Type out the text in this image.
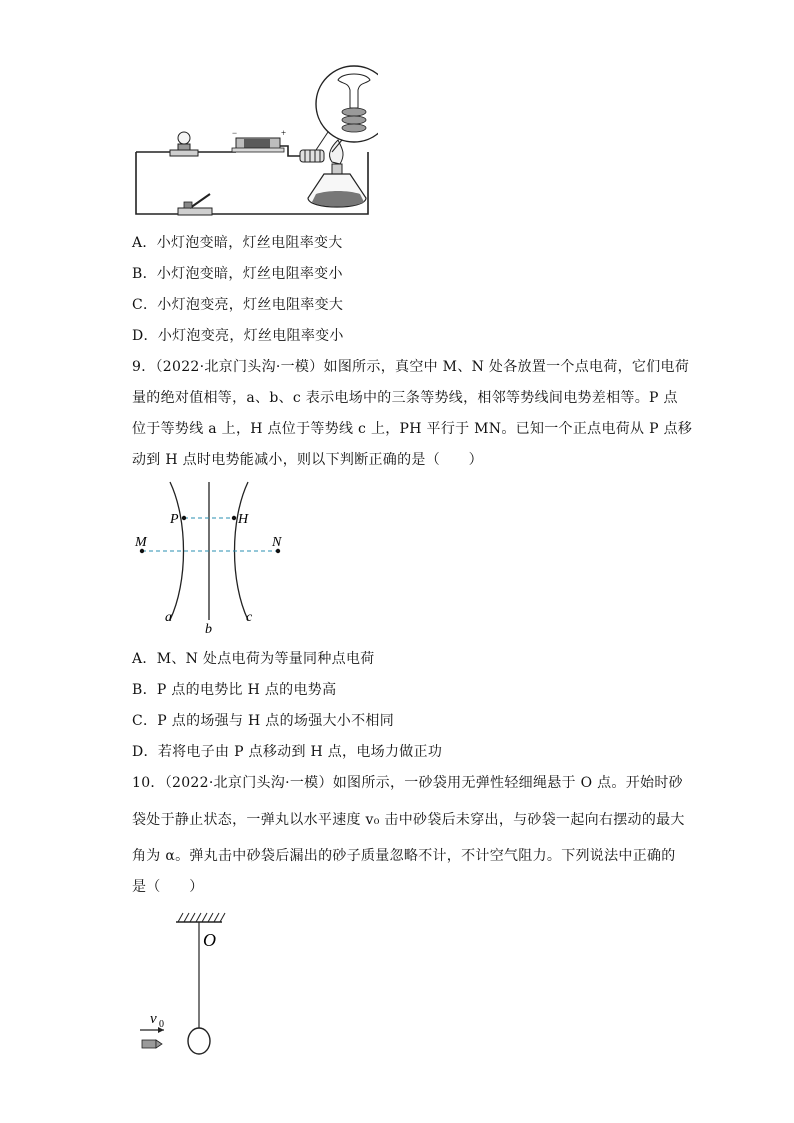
−	+
A．小灯泡变暗，灯丝电阻率变大
B．小灯泡变暗，灯丝电阻率变小
C．小灯泡变亮，灯丝电阻率变大
D．小灯泡变亮，灯丝电阻率变小
9．（2022·北京门头沟·一模）如图所示，真空中 M、N 处各放置一个点电荷，它们电荷
量的绝对值相等，a、b、c 表示电场中的三条等势线，相邻等势线间电势差相等。P 点
位于等势线 a 上，H 点位于等势线 c 上，PH 平行于 MN。已知一个正点电荷从 P 点移
动到 H 点时电势能减小，则以下判断正确的是（　　）
P	H
M	N
a
b
c
A．M、N 处点电荷为等量同种点电荷
B．P 点的电势比 H 点的电势高
C．P 点的场强与 H 点的场强大小不相同
D．若将电子由 P 点移动到 H 点，电场力做正功
10．（2022·北京门头沟·一模）如图所示，一砂袋用无弹性轻细绳悬于 O 点。开始时砂
袋处于静止状态，一弹丸以水平速度 v₀ 击中砂袋后未穿出，与砂袋一起向右摆动的最大
角为 α。弹丸击中砂袋后漏出的砂子质量忽略不计，不计空气阻力。下列说法中正确的
是（　　）
O
v 0
